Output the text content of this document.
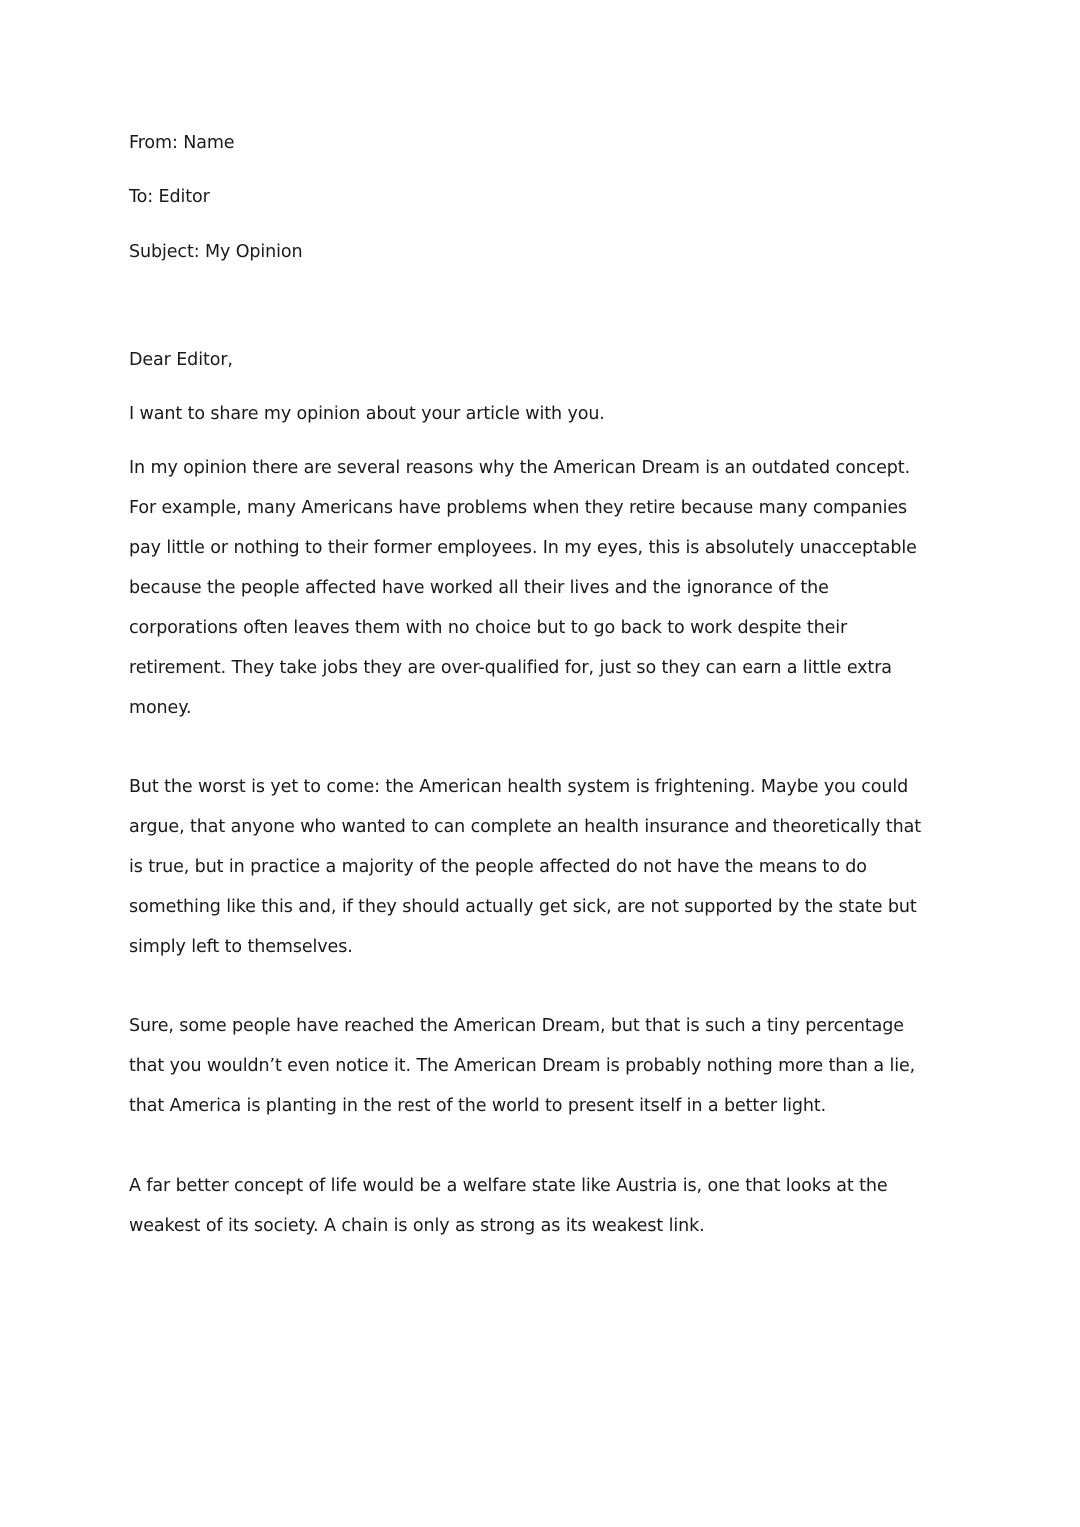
From: Name
To: Editor
Subject: My Opinion
Dear Editor,
I want to share my opinion about your article with you.
In my opinion there are several reasons why the American Dream is an outdated concept.
For example, many Americans have problems when they retire because many companies
pay little or nothing to their former employees. In my eyes, this is absolutely unacceptable
because the people affected have worked all their lives and the ignorance of the
corporations often leaves them with no choice but to go back to work despite their
retirement. They take jobs they are over-qualified for, just so they can earn a little extra
money.
But the worst is yet to come: the American health system is frightening. Maybe you could
argue, that anyone who wanted to can complete an health insurance and theoretically that
is true, but in practice a majority of the people affected do not have the means to do
something like this and, if they should actually get sick, are not supported by the state but
simply left to themselves.
Sure, some people have reached the American Dream, but that is such a tiny percentage
that you wouldn’t even notice it. The American Dream is probably nothing more than a lie,
that America is planting in the rest of the world to present itself in a better light.
A far better concept of life would be a welfare state like Austria is, one that looks at the
weakest of its society. A chain is only as strong as its weakest link.
